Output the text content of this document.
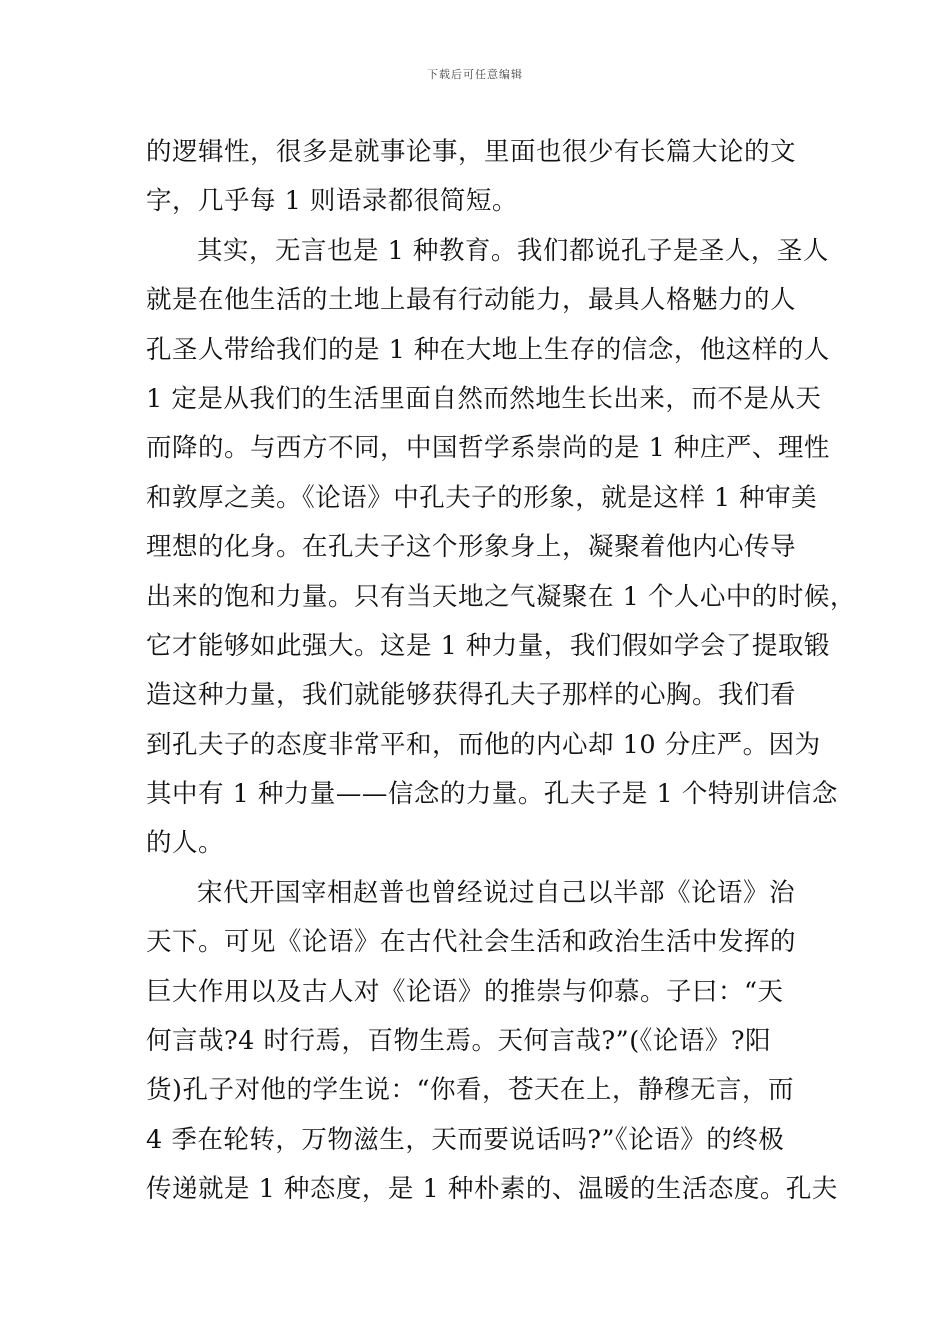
下载后可任意编辑
的逻辑性，很多是就事论事，里面也很少有长篇大论的文
字，几乎每 1 则语录都很简短。
其实，无言也是 1 种教育。我们都说孔子是圣人，圣人
就是在他生活的土地上最有行动能力，最具人格魅力的人
孔圣人带给我们的是 1 种在大地上生存的信念，他这样的人
1 定是从我们的生活里面自然而然地生长出来，而不是从天
而降的。与西方不同，中国哲学系崇尚的是 1 种庄严、理性
和敦厚之美。《论语》中孔夫子的形象，就是这样 1 种审美
理想的化身。在孔夫子这个形象身上，凝聚着他内心传导
出来的饱和力量。只有当天地之气凝聚在 1 个人心中的时候，
它才能够如此强大。这是 1 种力量，我们假如学会了提取锻
造这种力量，我们就能够获得孔夫子那样的心胸。我们看
到孔夫子的态度非常平和，而他的内心却 10 分庄严。因为
其中有 1 种力量——信念的力量。孔夫子是 1 个特别讲信念
的人。
宋代开国宰相赵普也曾经说过自己以半部《论语》治
天下。可见《论语》在古代社会生活和政治生活中发挥的
巨大作用以及古人对《论语》的推崇与仰慕。子曰：“天
何言哉?4 时行焉，百物生焉。天何言哉?”(《论语》?阳
货)孔子对他的学生说：“你看，苍天在上，静穆无言，而
4 季在轮转，万物滋生，天而要说话吗?”《论语》的终极
传递就是 1 种态度，是 1 种朴素的、温暖的生活态度。孔夫
